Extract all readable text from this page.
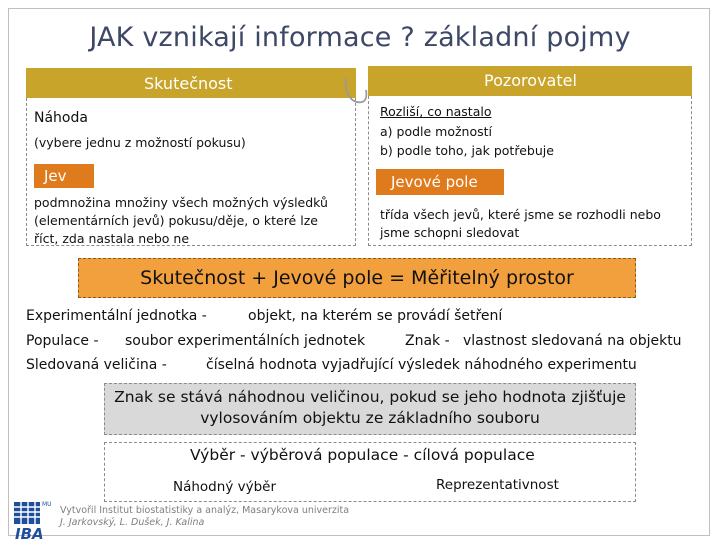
JAK vznikají informace ? základní pojmy
Skutečnost
Náhoda
(vybere jednu z možností pokusu)
Jev
podmnožina množiny všech možných výsledků
(elementárních jevů) pokusu/děje, o které lze
říct, zda nastala nebo ne
Pozorovatel
Rozliší, co nastalo
a) podle možností
b) podle toho, jak potřebuje
Jevové pole
třída všech jevů, které jsme se rozhodli nebo
jsme schopni sledovat
Skutečnost + Jevové pole = Měřitelný prostor
Experimentální jednotka -	objekt, na kterém se provádí šetření
Populace - soubor experimentálních jednotek	Znak - vlastnost sledovaná na objektu
Sledovaná veličina -	číselná hodnota vyjadřující výsledek náhodného experimentu
Znak se stává náhodnou veličinou, pokud se jeho hodnota zjišťuje
vylosováním objektu ze základního souboru
Výběr - výběrová populace - cílová populace
Náhodný výběr	Reprezentativnost
MU
IBA
Vytvořil Institut biostatistiky a analýz, Masarykova univerzita
J. Jarkovský, L. Dušek, J. Kalina
